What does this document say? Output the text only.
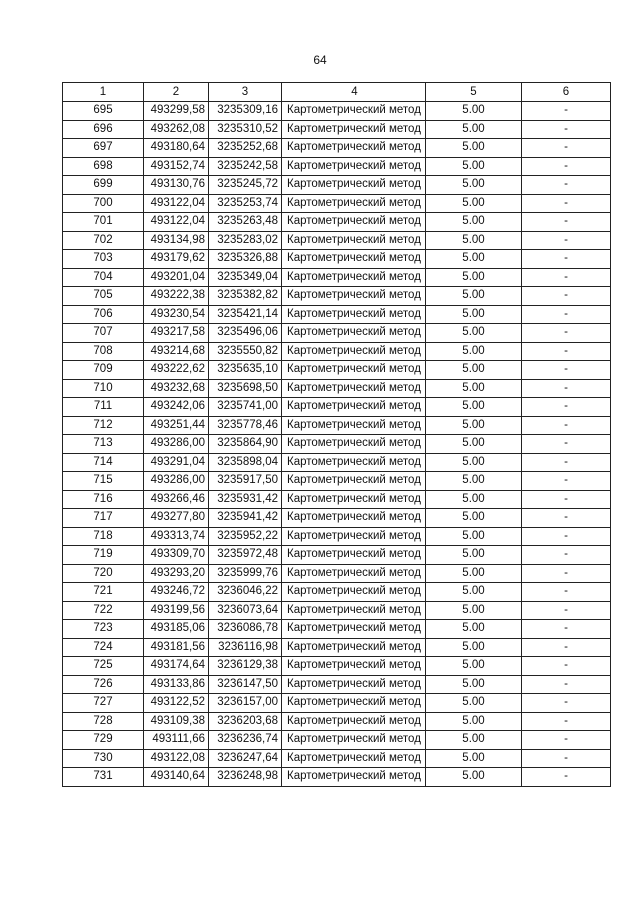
64
1	2	3	4	5	6
695	493299,58	3235309,16	Картометрический метод	5.00	-
696	493262,08	3235310,52	Картометрический метод	5.00	-
697	493180,64	3235252,68	Картометрический метод	5.00	-
698	493152,74	3235242,58	Картометрический метод	5.00	-
699	493130,76	3235245,72	Картометрический метод	5.00	-
700	493122,04	3235253,74	Картометрический метод	5.00	-
701	493122,04	3235263,48	Картометрический метод	5.00	-
702	493134,98	3235283,02	Картометрический метод	5.00	-
703	493179,62	3235326,88	Картометрический метод	5.00	-
704	493201,04	3235349,04	Картометрический метод	5.00	-
705	493222,38	3235382,82	Картометрический метод	5.00	-
706	493230,54	3235421,14	Картометрический метод	5.00	-
707	493217,58	3235496,06	Картометрический метод	5.00	-
708	493214,68	3235550,82	Картометрический метод	5.00	-
709	493222,62	3235635,10	Картометрический метод	5.00	-
710	493232,68	3235698,50	Картометрический метод	5.00	-
711	493242,06	3235741,00	Картометрический метод	5.00	-
712	493251,44	3235778,46	Картометрический метод	5.00	-
713	493286,00	3235864,90	Картометрический метод	5.00	-
714	493291,04	3235898,04	Картометрический метод	5.00	-
715	493286,00	3235917,50	Картометрический метод	5.00	-
716	493266,46	3235931,42	Картометрический метод	5.00	-
717	493277,80	3235941,42	Картометрический метод	5.00	-
718	493313,74	3235952,22	Картометрический метод	5.00	-
719	493309,70	3235972,48	Картометрический метод	5.00	-
720	493293,20	3235999,76	Картометрический метод	5.00	-
721	493246,72	3236046,22	Картометрический метод	5.00	-
722	493199,56	3236073,64	Картометрический метод	5.00	-
723	493185,06	3236086,78	Картометрический метод	5.00	-
724	493181,56	3236116,98	Картометрический метод	5.00	-
725	493174,64	3236129,38	Картометрический метод	5.00	-
726	493133,86	3236147,50	Картометрический метод	5.00	-
727	493122,52	3236157,00	Картометрический метод	5.00	-
728	493109,38	3236203,68	Картометрический метод	5.00	-
729	493111,66	3236236,74	Картометрический метод	5.00	-
730	493122,08	3236247,64	Картометрический метод	5.00	-
731	493140,64	3236248,98	Картометрический метод	5.00	-
